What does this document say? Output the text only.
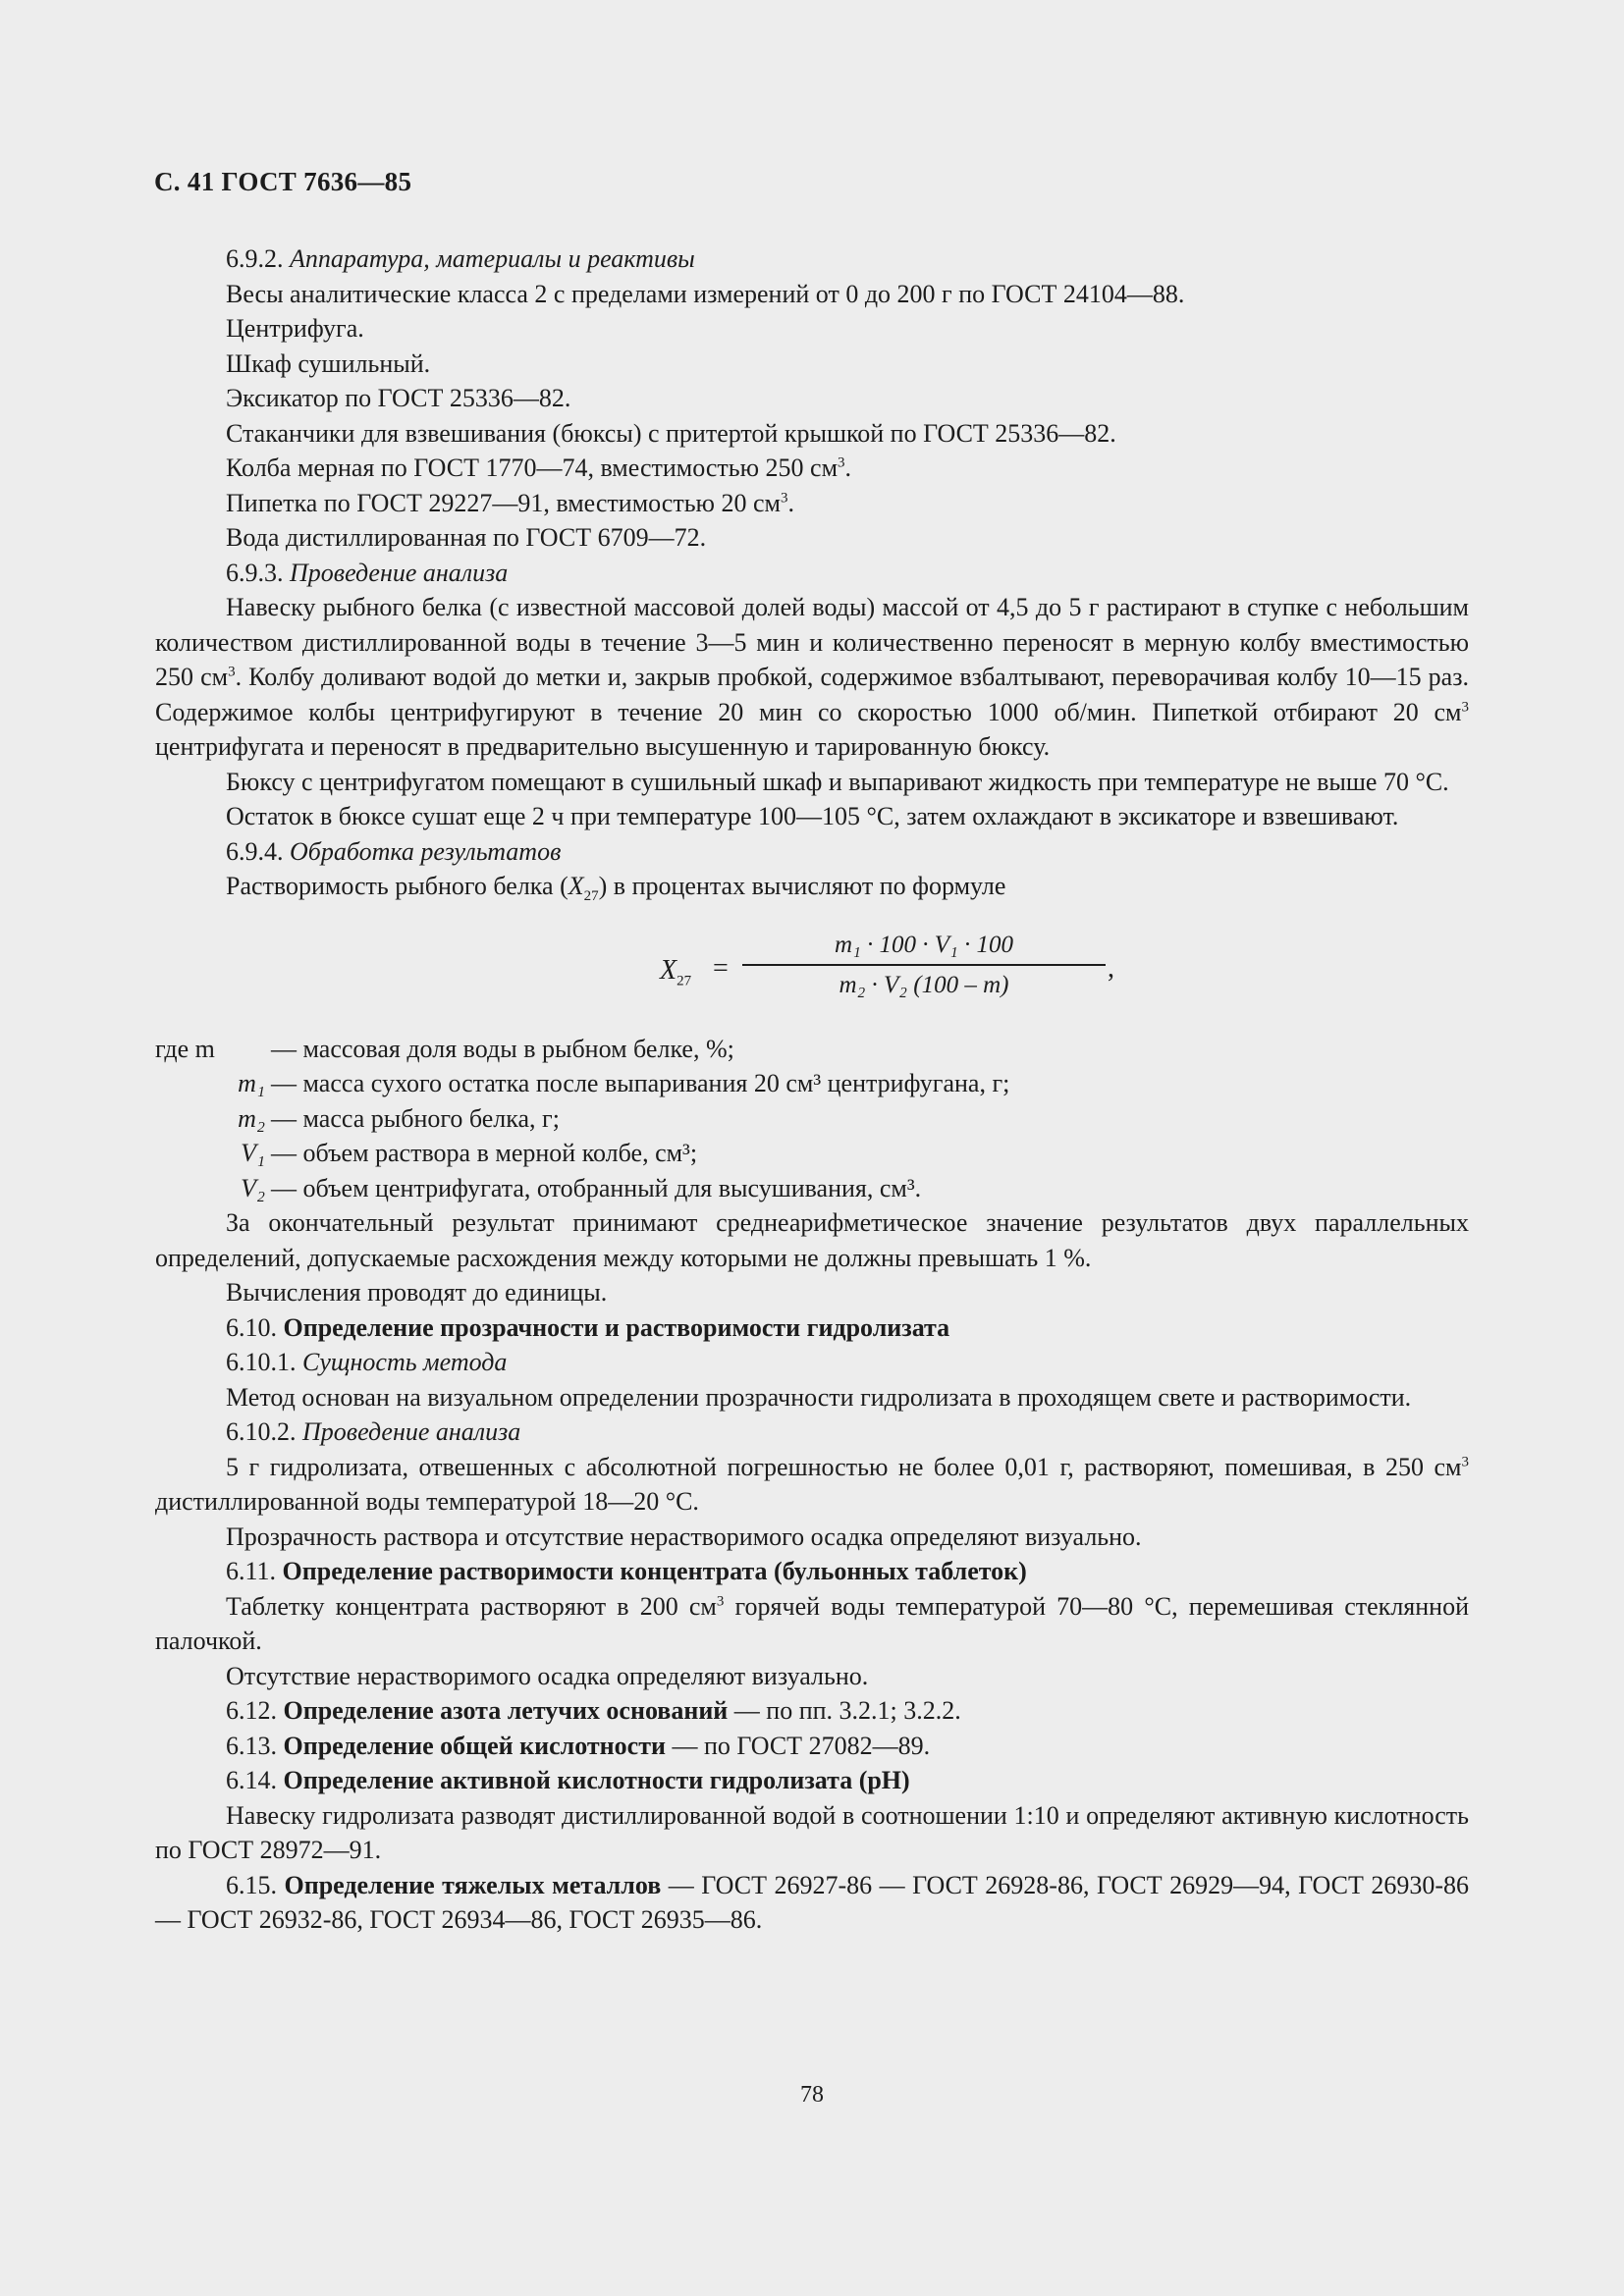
С. 41 ГОСТ 7636—85

6.9.2. Аппаратура, материалы и реактивы

Весы аналитические класса 2 с пределами измерений от 0 до 200 г по ГОСТ 24104—88.

Центрифуга.

Шкаф сушильный.

Эксикатор по ГОСТ 25336—82.

Стаканчики для взвешивания (бюксы) с притертой крышкой по ГОСТ 25336—82.

Колба мерная по ГОСТ 1770—74, вместимостью 250 $см^3$.

Пипетка по ГОСТ 29227—91, вместимостью 20 $см^3$.

Вода дистиллированная по ГОСТ 6709—72.

6.9.3. Проведение анализа

Навеску рыбного белка (с известной массовой долей воды) массой от 4,5 до 5 г растирают в ступке с небольшим количеством дистиллированной воды в течение 3—5 мин и количественно переносят в мерную колбу вместимостью 250 $см^3$. Колбу доливают водой до метки и, закрыв пробкой, содержимое взбалтывают, переворачивая колбу 10—15 раз. Содержимое колбы центрифугируют в течение 20 мин со скоростью 1000 об/мин. Пипеткой отбирают 20 $см^3$ центрифугата и переносят в предварительно высушенную и тарированную бюксу.

Бюксу с центрифугатом помещают в сушильный шкаф и выпаривают жидкость при температуре не выше 70 °С.

Остаток в бюксе сушат еще 2 ч при температуре 100—105 °С, затем охлаждают в эксикаторе и взвешивают.

6.9.4. Обработка результатов

Растворимость рыбного белка $(X_{27})$ в процентах вычисляют по формуле

$X_{27}$ =
m₁ · 100 · V₁ · 100
m₂ · V₂ (100 – m)
,

где m	— массовая доля воды в рыбном белке, %;

m₁ — масса сухого остатка после выпаривания 20 см³ центрифугана, г;

m₂ — масса рыбного белка, г;

V₁ — объем раствора в мерной колбе, см³;

V₂ — объем центрифугата, отобранный для высушивания, см³.

За окончательный результат принимают среднеарифметическое значение результатов двух параллельных определений, допускаемые расхождения между которыми не должны превышать 1 %.

Вычисления проводят до единицы.

6.10. Определение прозрачности и растворимости гидролизата

6.10.1. Сущность метода

Метод основан на визуальном определении прозрачности гидролизата в проходящем свете и растворимости.

6.10.2. Проведение анализа

5 г гидролизата, отвешенных с абсолютной погрешностью не более 0,01 г, растворяют, помешивая, в 250 $см^3$ дистиллированной воды температурой 18—20 °С.

Прозрачность раствора и отсутствие нерастворимого осадка определяют визуально.

6.11. Определение растворимости концентрата (бульонных таблеток)

Таблетку концентрата растворяют в 200 $см^3$ горячей воды температурой 70—80 °С, перемешивая стеклянной палочкой.

Отсутствие нерастворимого осадка определяют визуально.

6.12. Определение азота летучих оснований — по пп. 3.2.1; 3.2.2.

6.13. Определение общей кислотности — по ГОСТ 27082—89.

6.14. Определение активной кислотности гидролизата (рН)

Навеску гидролизата разводят дистиллированной водой в соотношении 1:10 и определяют активную кислотность по ГОСТ 28972—91.

6.15. Определение тяжелых металлов — ГОСТ 26927-86 — ГОСТ 26928-86, ГОСТ 26929—94, ГОСТ 26930-86 — ГОСТ 26932-86, ГОСТ 26934—86, ГОСТ 26935—86.

78
